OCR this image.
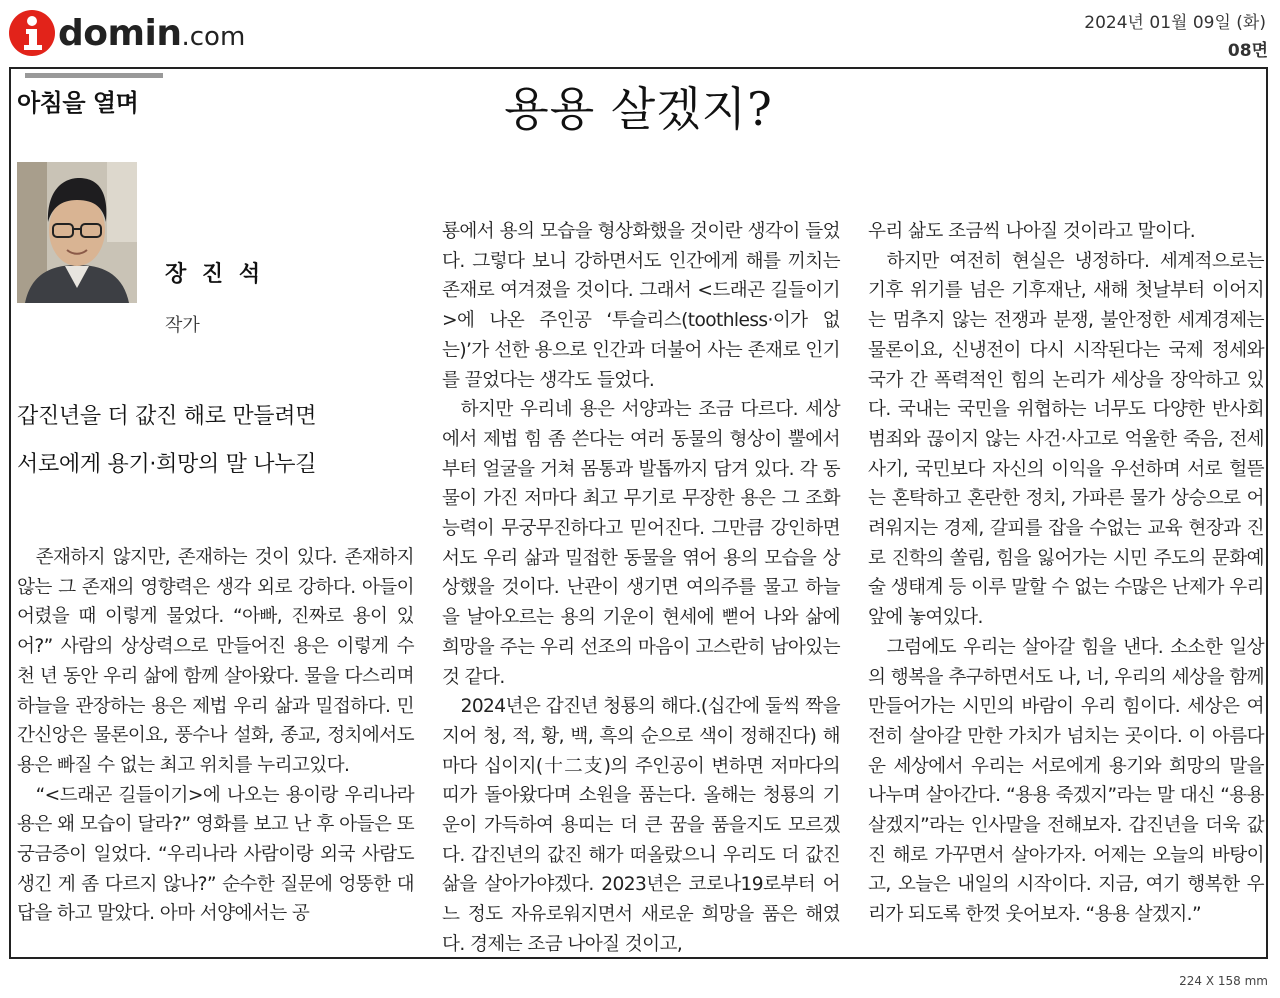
domin .com	2024년 01월 09일 (화)
08면
아침을 열며	용용 살겠지?
장 진 석
작가
갑진년을 더 값진 해로 만들려면
서로에게 용기·희망의 말 나누길

존재하지 않지만, 존재하는 것이 있다. 존재하지 않는 그 존재의 영향력은 생각 외로 강하다. 아들이 어렸을 때 이렇게 물었다. “아빠, 진짜로 용이 있어?” 사람의 상상력으로 만들어진 용은 이렇게 수천 년 동안 우리 삶에 함께 살아왔다. 물을 다스리며 하늘을 관장하는 용은 제법 우리 삶과 밀접하다. 민간신앙은 물론이요, 풍수나 설화, 종교, 정치에서도 용은 빠질 수 없는 최고 위치를 누리고있다.

“<드래곤 길들이기>에 나오는 용이랑 우리나라 용은 왜 모습이 달라?” 영화를 보고 난 후 아들은 또 궁금증이 일었다. “우리나라 사람이랑 외국 사람도 생긴 게 좀 다르지 않나?” 순수한 질문에 엉뚱한 대답을 하고 말았다. 아마 서양에서는 공

룡에서 용의 모습을 형상화했을 것이란 생각이 들었다. 그렇다 보니 강하면서도 인간에게 해를 끼치는 존재로 여겨졌을 것이다. 그래서 <드래곤 길들이기>에 나온 주인공 ‘투슬리스(toothless·이가 없는)’가 선한 용으로 인간과 더불어 사는 존재로 인기를 끌었다는 생각도 들었다.

하지만 우리네 용은 서양과는 조금 다르다. 세상에서 제법 힘 좀 쓴다는 여러 동물의 형상이 뿔에서부터 얼굴을 거쳐 몸통과 발톱까지 담겨 있다. 각 동물이 가진 저마다 최고 무기로 무장한 용은 그 조화능력이 무궁무진하다고 믿어진다. 그만큼 강인하면서도 우리 삶과 밀접한 동물을 엮어 용의 모습을 상상했을 것이다. 난관이 생기면 여의주를 물고 하늘을 날아오르는 용의 기운이 현세에 뻗어 나와 삶에 희망을 주는 우리 선조의 마음이 고스란히 남아있는것 같다.

2024년은 갑진년 청룡의 해다.(십간에 둘씩 짝을 지어 청, 적, 황, 백, 흑의 순으로 색이 정해진다) 해마다 십이지(十二支)의 주인공이 변하면 저마다의 띠가 돌아왔다며 소원을 품는다. 올해는 청룡의 기운이 가득하여 용띠는 더 큰 꿈을 품을지도 모르겠다. 갑진년의 값진 해가 떠올랐으니 우리도 더 값진 삶을 살아가야겠다. 2023년은 코로나19로부터 어느 정도 자유로워지면서 새로운 희망을 품은 해였다. 경제는 조금 나아질 것이고,

우리 삶도 조금씩 나아질 것이라고 말이다.

하지만 여전히 현실은 냉정하다. 세계적으로는 기후 위기를 넘은 기후재난, 새해 첫날부터 이어지는 멈추지 않는 전쟁과 분쟁, 불안정한 세계경제는 물론이요, 신냉전이 다시 시작된다는 국제 정세와 국가 간 폭력적인 힘의 논리가 세상을 장악하고 있다. 국내는 국민을 위협하는 너무도 다양한 반사회 범죄와 끊이지 않는 사건·사고로 억울한 죽음, 전세 사기, 국민보다 자신의 이익을 우선하며 서로 헐뜯는 혼탁하고 혼란한 정치, 가파른 물가 상승으로 어려워지는 경제, 갈피를 잡을 수없는 교육 현장과 진로 진학의 쏠림, 힘을 잃어가는 시민 주도의 문화예술 생태계 등 이루 말할 수 없는 수많은 난제가 우리 앞에 놓여있다.

그럼에도 우리는 살아갈 힘을 낸다. 소소한 일상의 행복을 추구하면서도 나, 너, 우리의 세상을 함께 만들어가는 시민의 바람이 우리 힘이다. 세상은 여전히 살아갈 만한 가치가 넘치는 곳이다. 이 아름다운 세상에서 우리는 서로에게 용기와 희망의 말을 나누며 살아간다. “용용 죽겠지”라는 말 대신 “용용 살겠지”라는 인사말을 전해보자. 갑진년을 더욱 값진 해로 가꾸면서 살아가자. 어제는 오늘의 바탕이고, 오늘은 내일의 시작이다. 지금, 여기 행복한 우리가 되도록 한껏 웃어보자. “용용 살겠지.”

224 X 158 mm
